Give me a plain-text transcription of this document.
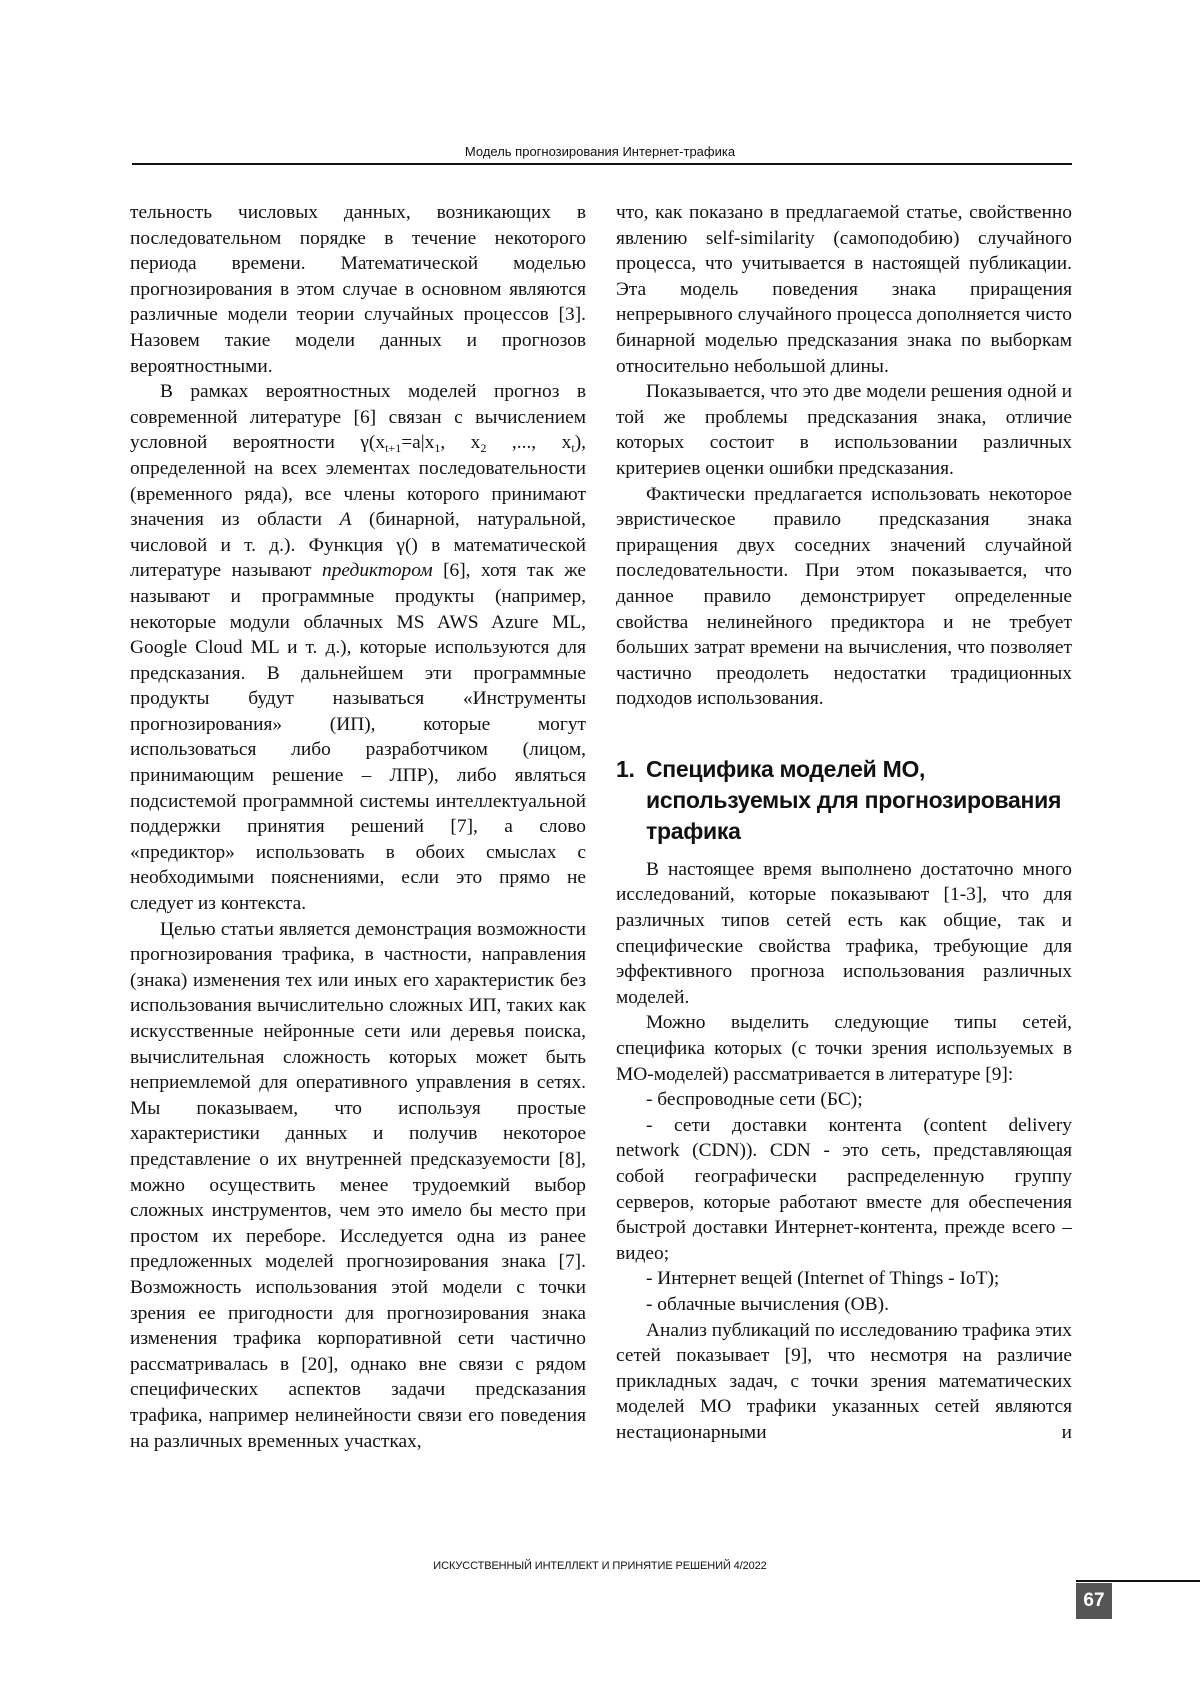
Модель прогнозирования Интернет-трафика

тельность числовых данных, возникающих в последовательном порядке в течение некоторого периода времени. Математической моделью прогнозирования в этом случае в основном являются различные модели теории случайных процессов [3]. Назовем такие модели данных и прогнозов вероятностными.

В рамках вероятностных моделей прогноз в современной литературе [6] связан с вычислением условной вероятности $\gamma(x_{t+1}=a|x_1$, $x_2$ ,..., $x_t$), определенной на всех элементах последовательности (временного ряда), все члены которого принимают значения из области A (бинарной, натуральной, числовой и т. д.). Функция γ() в математической литературе называют предиктором [6], хотя так же называют и программные продукты (например, некоторые модули облачных MS AWS Azure ML, Google Cloud ML и т. д.), которые используются для предсказания. В дальнейшем эти программные продукты будут называться «Инструменты прогнозирования» (ИП), которые могут использоваться либо разработчиком (лицом, принимающим решение – ЛПР), либо являться подсистемой программной системы интеллектуальной поддержки принятия решений [7], а слово «предиктор» использовать в обоих смыслах с необходимыми пояснениями, если это прямо не следует из контекста.

Целью статьи является демонстрация возможности прогнозирования трафика, в частности, направления (знака) изменения тех или иных его характеристик без использования вычислительно сложных ИП, таких как искусственные нейронные сети или деревья поиска, вычислительная сложность которых может быть неприемлемой для оперативного управления в сетях. Мы показываем, что используя простые характеристики данных и получив некоторое представление о их внутренней предсказуемости [8], можно осуществить менее трудоемкий выбор сложных инструментов, чем это имело бы место при простом их переборе. Исследуется одна из ранее предложенных моделей прогнозирования знака [7]. Возможность использования этой модели с точки зрения ее пригодности для прогнозирования знака изменения трафика корпоративной сети частично рассматривалась в [20], однако вне связи с рядом специфических аспектов задачи предсказания трафика, например нелинейности связи его поведения на различных временных участках,

что, как показано в предлагаемой статье, свойственно явлению self-similarity (самоподобию) случайного процесса, что учитывается в настоящей публикации. Эта модель поведения знака приращения непрерывного случайного процесса дополняется чисто бинарной моделью предсказания знака по выборкам относительно небольшой длины.

Показывается, что это две модели решения одной и той же проблемы предсказания знака, отличие которых состоит в использовании различных критериев оценки ошибки предсказания.

Фактически предлагается использовать некоторое эвристическое правило предсказания знака приращения двух соседних значений случайной последовательности. При этом показывается, что данное правило демонстрирует определенные свойства нелинейного предиктора и не требует больших затрат времени на вычисления, что позволяет частично преодолеть недостатки традиционных подходов использования.

1. Специфика моделей МО, используемых для прогнозирования трафика

В настоящее время выполнено достаточно много исследований, которые показывают [1-3], что для различных типов сетей есть как общие, так и специфические свойства трафика, требующие для эффективного прогноза использования различных моделей.

Можно выделить следующие типы сетей, специфика которых (с точки зрения используемых в МО-моделей) рассматривается в литературе [9]:

- беспроводные сети (БС);

- сети доставки контента (content delivery

network (CDN)). CDN - это сеть, представляющая собой географически распределенную группу серверов, которые работают вместе для обеспечения быстрой доставки Интернет-контента, прежде всего – видео;

- Интернет вещей (Internet of Things - IoT);

- облачные вычисления (ОВ).

Анализ публикаций по исследованию трафика этих сетей показывает [9], что несмотря на различие прикладных задач, с точки зрения математических моделей МО трафики указанных сетей являются нестационарными и

ИСКУССТВЕННЫЙ ИНТЕЛЛЕКТ И ПРИНЯТИЕ РЕШЕНИЙ 4/2022
67
